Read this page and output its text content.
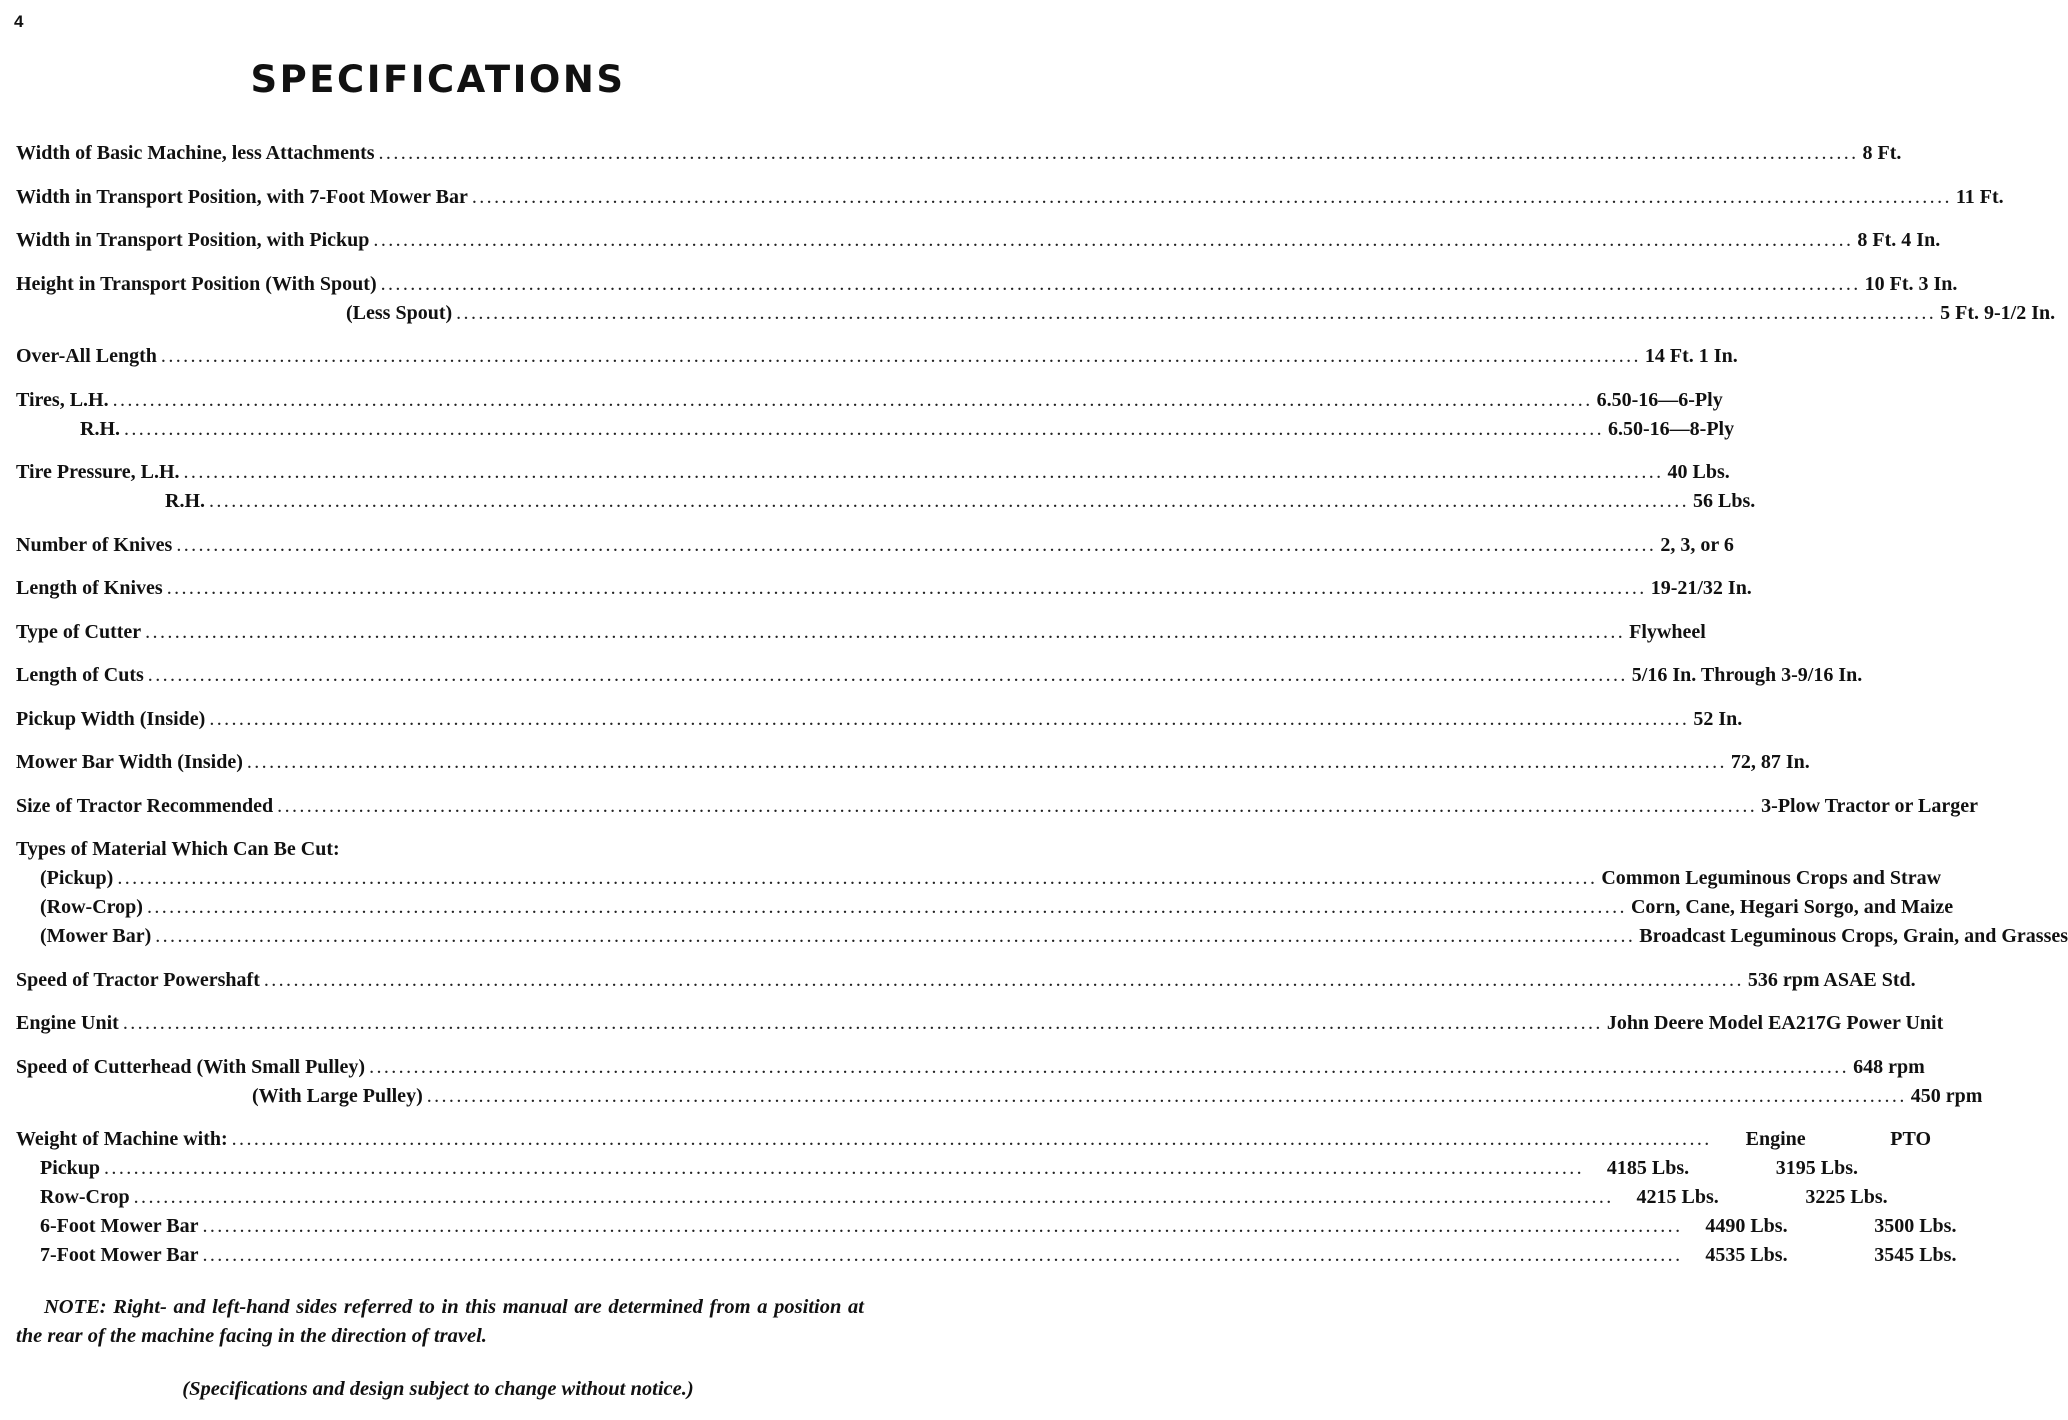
4
SPECIFICATIONS
Width of Basic Machine, less Attachments ........................................................................................................................................................................................................ 8 Ft.
Width in Transport Position, with 7-Foot Mower Bar ........................................................................................................................................................................................................ 11 Ft.
Width in Transport Position, with Pickup ........................................................................................................................................................................................................ 8 Ft. 4 In.
Height in Transport Position (With Spout) ........................................................................................................................................................................................................ 10 Ft. 3 In.
(Less Spout) ........................................................................................................................................................................................................ 5 Ft. 9-1/2 In.
Over-All Length ........................................................................................................................................................................................................ 14 Ft. 1 In.
Tires, L.H. ........................................................................................................................................................................................................ 6.50-16—6-Ply
R.H. ........................................................................................................................................................................................................ 6.50-16—8-Ply
Tire Pressure, L.H. ........................................................................................................................................................................................................ 40 Lbs.
R.H. ........................................................................................................................................................................................................ 56 Lbs.
Number of Knives ........................................................................................................................................................................................................ 2, 3, or 6
Length of Knives ........................................................................................................................................................................................................ 19-21/32 In.
Type of Cutter ........................................................................................................................................................................................................ Flywheel
Length of Cuts ........................................................................................................................................................................................................ 5/16 In. Through 3-9/16 In.
Pickup Width (Inside) ........................................................................................................................................................................................................ 52 In.
Mower Bar Width (Inside) ........................................................................................................................................................................................................ 72, 87 In.
Size of Tractor Recommended ........................................................................................................................................................................................................ 3-Plow Tractor or Larger
Types of Material Which Can Be Cut:
(Pickup) ........................................................................................................................................................................................................ Common Leguminous Crops and Straw
(Row-Crop) ........................................................................................................................................................................................................ Corn, Cane, Hegari Sorgo, and Maize
(Mower Bar) ........................................................................................................................................................................................................ Broadcast Leguminous Crops, Grain, and Grasses
Speed of Tractor Powershaft ........................................................................................................................................................................................................ 536 rpm ASAE Std.
Engine Unit ........................................................................................................................................................................................................ John Deere Model EA217G Power Unit
Speed of Cutterhead (With Small Pulley) ........................................................................................................................................................................................................ 648 rpm
(With Large Pulley) ........................................................................................................................................................................................................ 450 rpm
Weight of Machine with: ........................................................................................................................................................................................................	Engine	PTO
Pickup ........................................................................................................................................................................................................	4185 Lbs.	3195 Lbs.
Row-Crop ........................................................................................................................................................................................................	4215 Lbs.	3225 Lbs.
6-Foot Mower Bar ........................................................................................................................................................................................................	4490 Lbs.	3500 Lbs.
7-Foot Mower Bar ........................................................................................................................................................................................................	4535 Lbs.	3545 Lbs.
NOTE: Right- and left-hand sides referred to in this manual are determined from a position at the rear of the machine facing in the direction of travel.
(Specifications and design subject to change without notice.)
